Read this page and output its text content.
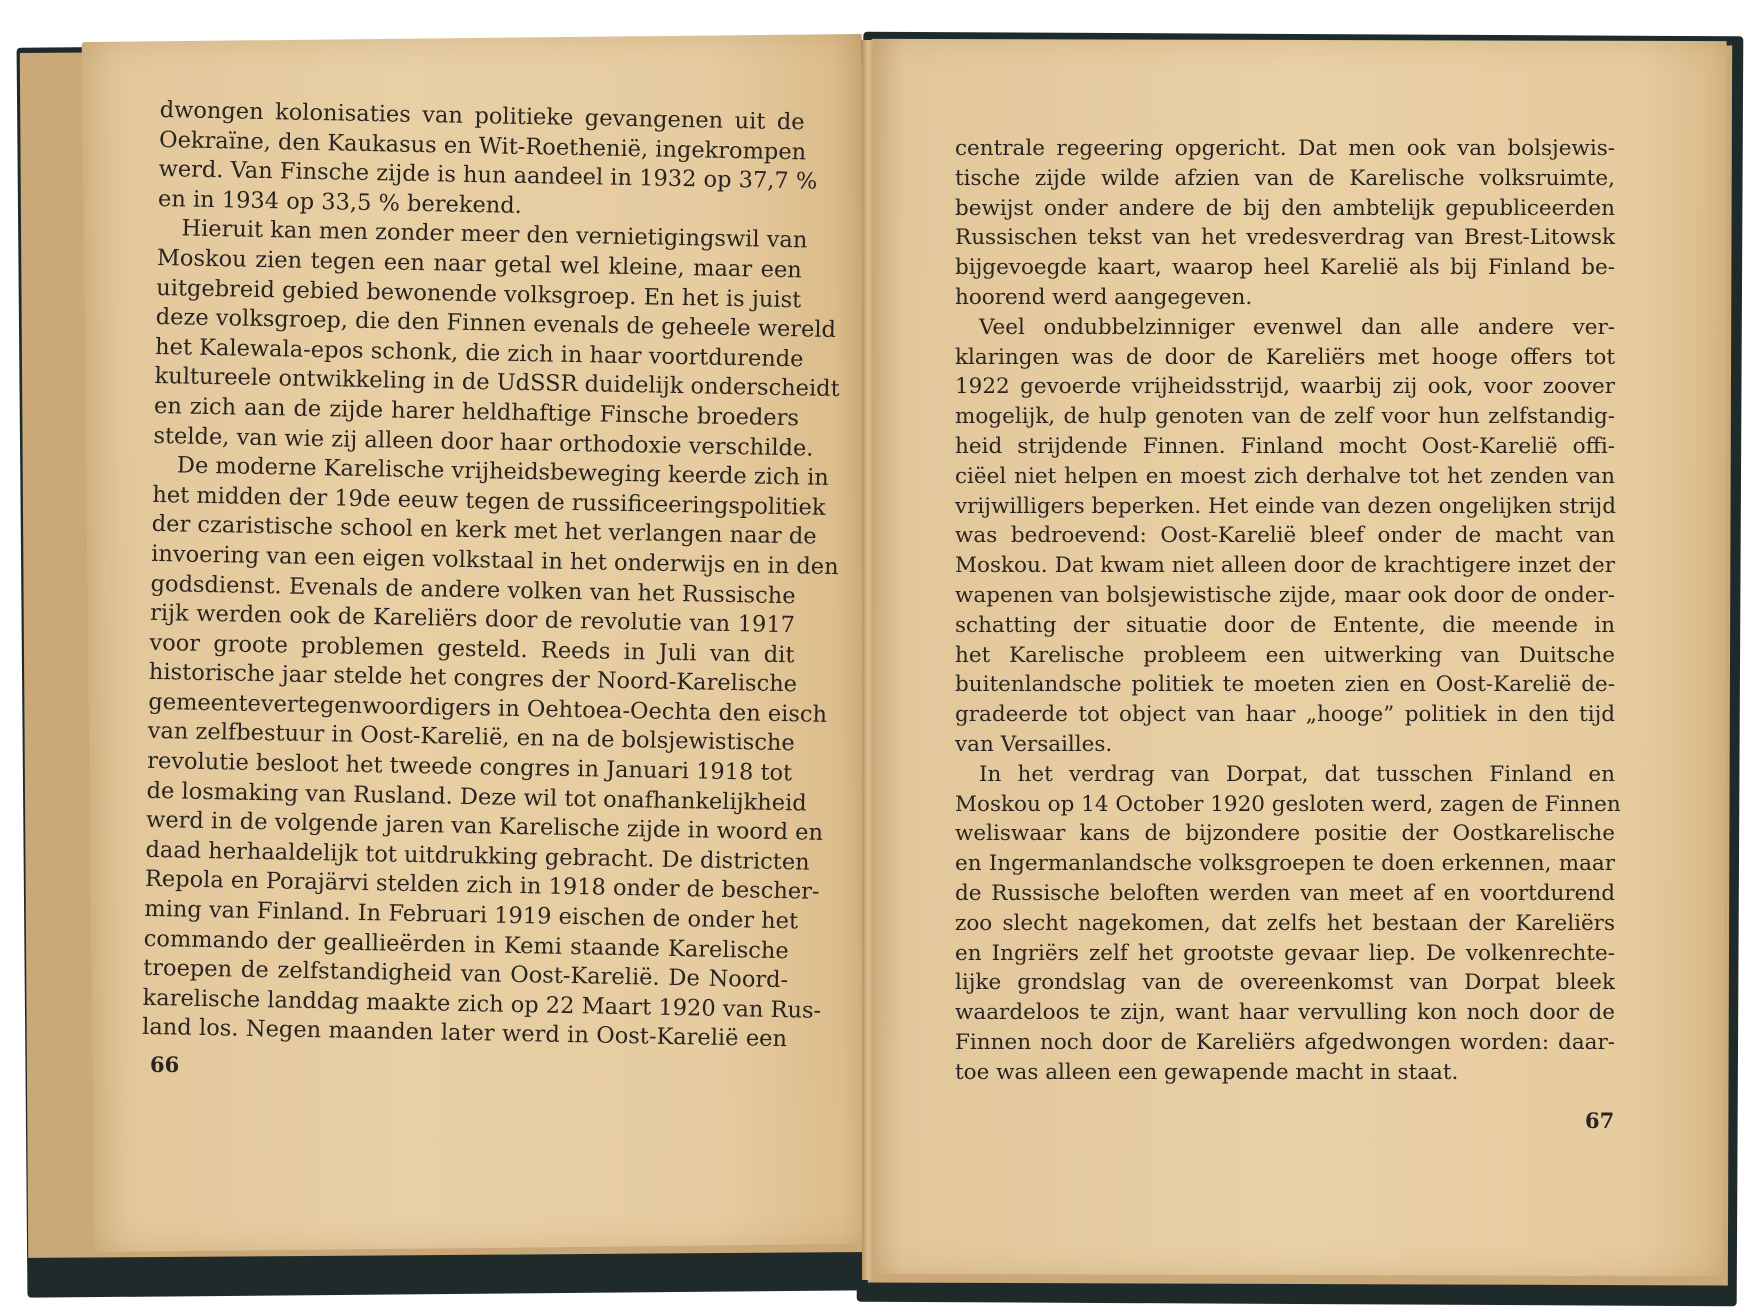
dwongen kolonisaties van politieke gevangenen uit de
Oekraïne, den Kaukasus en Wit-Roethenië, ingekrompen
werd. Van Finsche zijde is hun aandeel in 1932 op 37,7 %
en in 1934 op 33,5 % berekend.
Hieruit kan men zonder meer den vernietigingswil van
Moskou zien tegen een naar getal wel kleine, maar een
uitgebreid gebied bewonende volksgroep. En het is juist
deze volksgroep, die den Finnen evenals de geheele wereld
het Kalewala-epos schonk, die zich in haar voortdurende
kultureele ontwikkeling in de UdSSR duidelijk onderscheidt
en zich aan de zijde harer heldhaftige Finsche broeders
stelde, van wie zij alleen door haar orthodoxie verschilde.
De moderne Karelische vrijheidsbeweging keerde zich in
het midden der 19de eeuw tegen de russificeeringspolitiek
der czaristische school en kerk met het verlangen naar de
invoering van een eigen volkstaal in het onderwijs en in den
godsdienst. Evenals de andere volken van het Russische
rijk werden ook de Kareliërs door de revolutie van 1917
voor groote problemen gesteld. Reeds in Juli van dit
historische jaar stelde het congres der Noord-Karelische
gemeentevertegenwoordigers in Oehtoea-Oechta den eisch
van zelfbestuur in Oost-Karelië, en na de bolsjewistische
revolutie besloot het tweede congres in Januari 1918 tot
de losmaking van Rusland. Deze wil tot onafhankelijkheid
werd in de volgende jaren van Karelische zijde in woord en
daad herhaaldelijk tot uitdrukking gebracht. De districten
Repola en Porajärvi stelden zich in 1918 onder de bescher-
ming van Finland. In Februari 1919 eischen de onder het
commando der geallieërden in Kemi staande Karelische
troepen de zelfstandigheid van Oost-Karelië. De Noord-
karelische landdag maakte zich op 22 Maart 1920 van Rus-
land los. Negen maanden later werd in Oost-Karelië een
66
centrale regeering opgericht. Dat men ook van bolsjewis-
tische zijde wilde afzien van de Karelische volksruimte,
bewijst onder andere de bij den ambtelijk gepubliceerden
Russischen tekst van het vredesverdrag van Brest-Litowsk
bijgevoegde kaart, waarop heel Karelië als bij Finland be-
hoorend werd aangegeven.
Veel ondubbelzinniger evenwel dan alle andere ver-
klaringen was de door de Kareliërs met hooge offers tot
1922 gevoerde vrijheidsstrijd, waarbij zij ook, voor zoover
mogelijk, de hulp genoten van de zelf voor hun zelfstandig-
heid strijdende Finnen. Finland mocht Oost-Karelië offi-
ciëel niet helpen en moest zich derhalve tot het zenden van
vrijwilligers beperken. Het einde van dezen ongelijken strijd
was bedroevend: Oost-Karelië bleef onder de macht van
Moskou. Dat kwam niet alleen door de krachtigere inzet der
wapenen van bolsjewistische zijde, maar ook door de onder-
schatting der situatie door de Entente, die meende in
het Karelische probleem een uitwerking van Duitsche
buitenlandsche politiek te moeten zien en Oost-Karelië de-
gradeerde tot object van haar „hooge” politiek in den tijd
van Versailles.
In het verdrag van Dorpat, dat tusschen Finland en
Moskou op 14 October 1920 gesloten werd, zagen de Finnen
weliswaar kans de bijzondere positie der Oostkarelische
en Ingermanlandsche volksgroepen te doen erkennen, maar
de Russische beloften werden van meet af en voortdurend
zoo slecht nagekomen, dat zelfs het bestaan der Kareliërs
en Ingriërs zelf het grootste gevaar liep. De volkenrechte-
lijke grondslag van de overeenkomst van Dorpat bleek
waardeloos te zijn, want haar vervulling kon noch door de
Finnen noch door de Kareliërs afgedwongen worden: daar-
toe was alleen een gewapende macht in staat.
67
